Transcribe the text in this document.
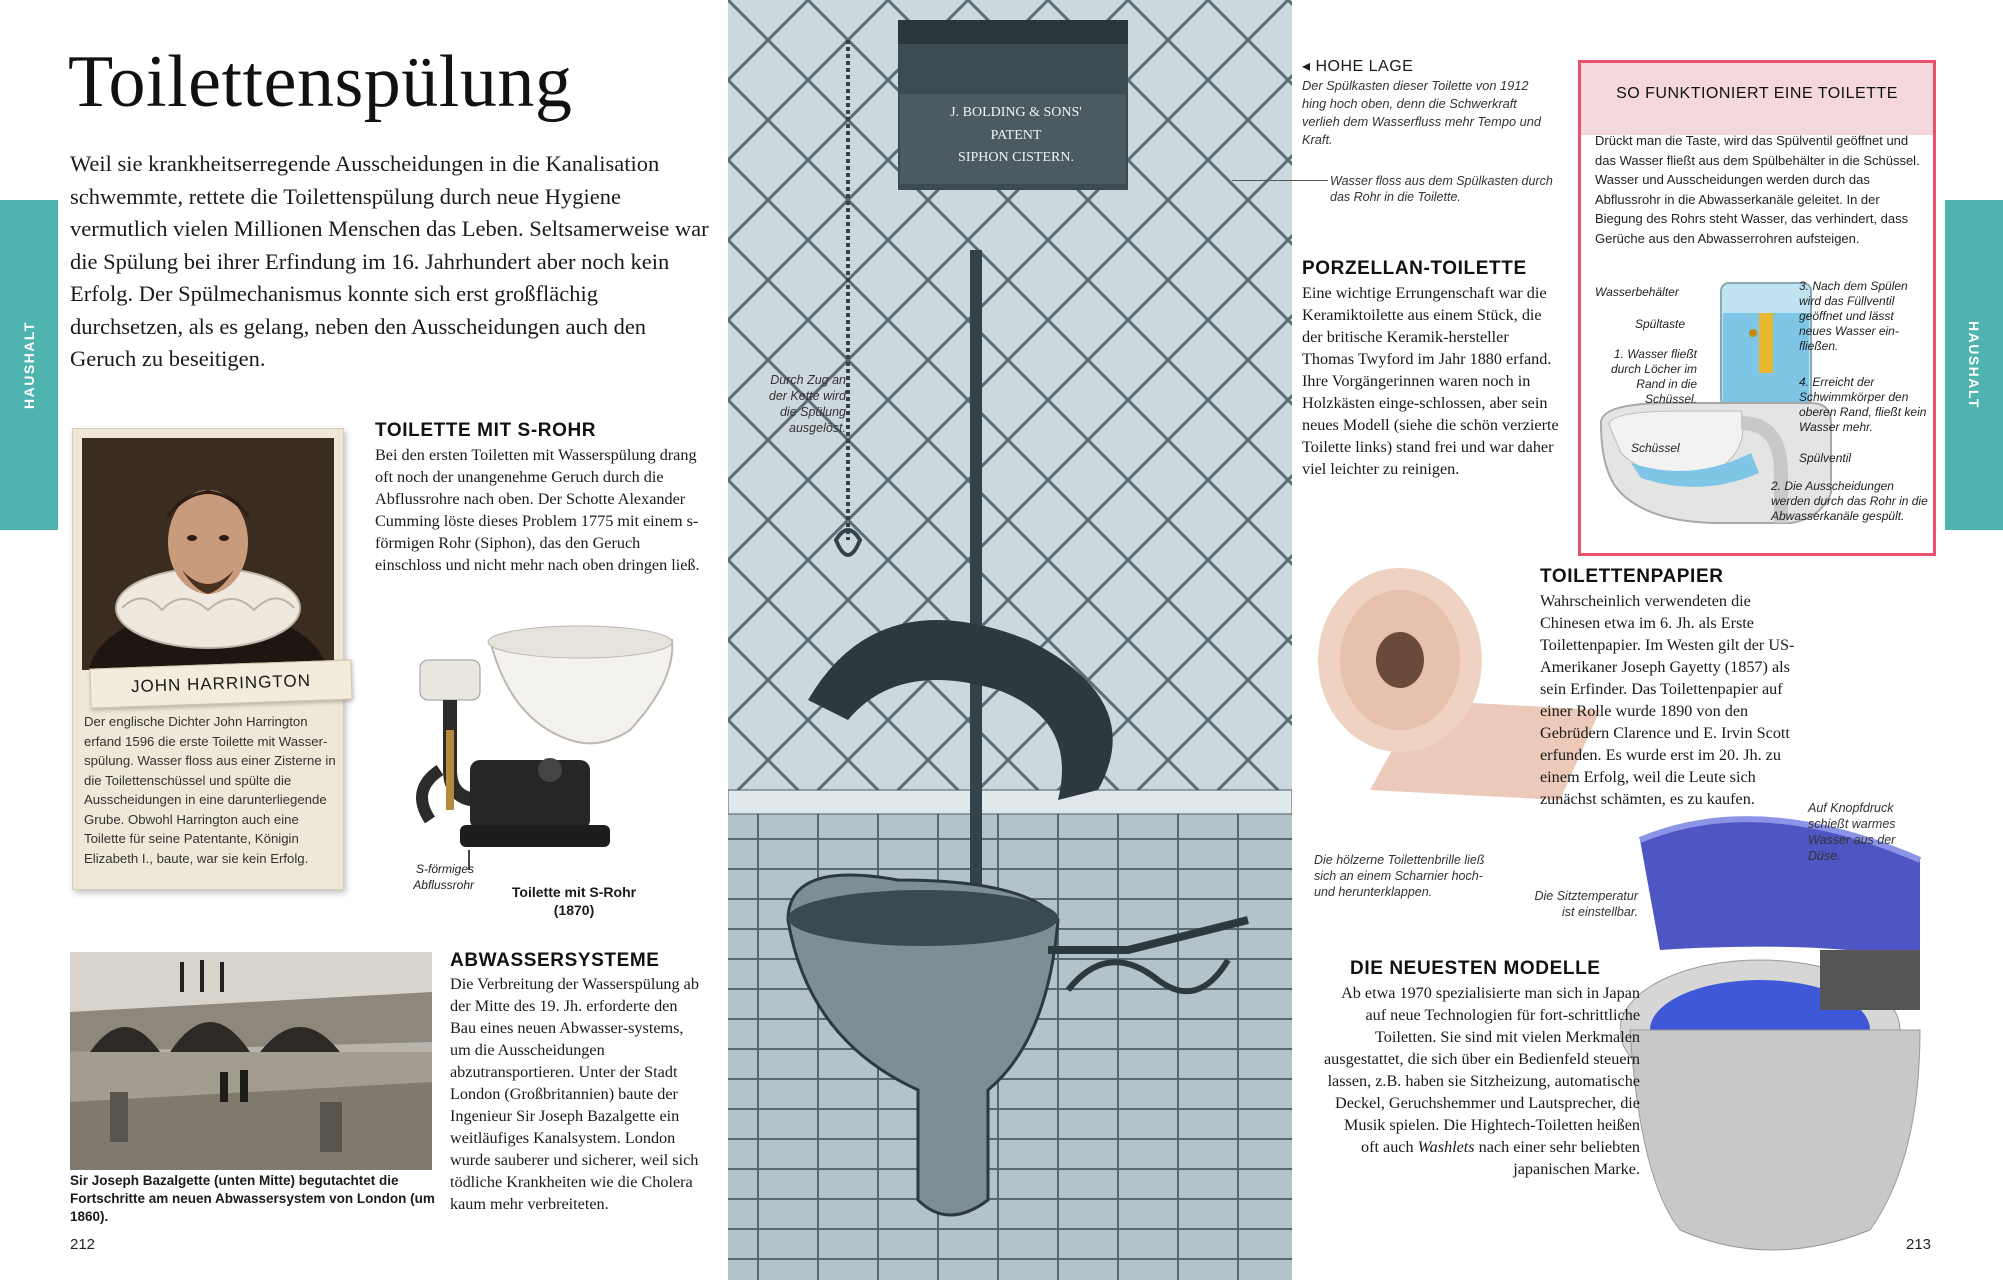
Toilettenspülung

Weil sie krankheitserregende Ausscheidungen in die Kanalisation schwemmte, rettete die Toilettenspülung durch neue Hygiene vermutlich vielen Millionen Menschen das Leben. Seltsamerweise war die Spülung bei ihrer Erfindung im 16. Jahrhundert aber noch kein Erfolg. Der Spülmechanismus konnte sich erst großflächig durchsetzen, als es gelang, neben den Ausscheidungen auch den Geruch zu beseitigen.

HAUSHALT	HAUSHALT
JOHN HARRINGTON

Der englische Dichter John Harrington erfand 1596 die erste Toilette mit Wasser-spülung. Wasser floss aus einer Zisterne in die Toilettenschüssel und spülte die Ausscheidungen in eine darunterliegende Grube. Obwohl Harrington auch eine Toilette für seine Patentante, Königin Elizabeth I., baute, war sie kein Erfolg.

TOILETTE MIT S-ROHR

Bei den ersten Toiletten mit Wasserspülung drang oft noch der unangenehme Geruch durch die Abflussrohre nach oben. Der Schotte Alexander Cumming löste dieses Problem 1775 mit einem s-förmigen Rohr (Siphon), das den Geruch einschloss und nicht mehr nach oben dringen ließ.

S-förmiges

Abflussrohr	Toilette mit S-Rohr

(1870)

Sir Joseph Bazalgette (unten Mitte) begutachtet die Fortschritte am neuen Abwassersystem von London (um 1860).

ABWASSERSYSTEME

Die Verbreitung der Wasserspülung ab der Mitte des 19. Jh. erforderte den Bau eines neuen Abwasser-systems, um die Ausscheidungen abzutransportieren. Unter der Stadt London (Großbritannien) baute der Ingenieur Sir Joseph Bazalgette ein weitläufiges Kanalsystem. London wurde sauberer und sicherer, weil sich tödliche Krankheiten wie die Cholera kaum mehr verbreiteten.

J. BOLDING & SONS'

PATENT

SIPHON CISTERN.

Durch Zug an der Kette wird die Spülung ausgelöst.

◂ HOHE LAGE

Der Spülkasten dieser Toilette von 1912 hing hoch oben, denn die Schwerkraft verlieh dem Wasserfluss mehr Tempo und Kraft.

Wasser floss aus dem Spülkasten durch das Rohr in die Toilette.

PORZELLAN-TOILETTE

Eine wichtige Errungenschaft war die Keramiktoilette aus einem Stück, die der britische Keramik-hersteller Thomas Twyford im Jahr 1880 erfand. Ihre Vorgängerinnen waren noch in Holzkästen einge-schlossen, aber sein neues Modell (siehe die schön verzierte Toilette links) stand frei und war daher viel leichter zu reinigen.

Die hölzerne Toilettenbrille ließ sich an einem Scharnier hoch- und herunterklappen.

SO FUNKTIONIERT EINE TOILETTE

Drückt man die Taste, wird das Spülventil geöffnet und das Wasser fließt aus dem Spülbehälter in die Schüssel. Wasser und Ausscheidungen werden durch das Abflussrohr in die Abwasserkanäle geleitet. In der Biegung des Rohrs steht Wasser, das verhindert, dass Gerüche aus den Abwasserrohren aufsteigen.

Wasserbehälter

Spültaste

1. Wasser fließt durch Löcher im Rand in die Schüssel.

Schüssel

3. Nach dem Spülen wird das Füllventil geöffnet und lässt neues Wasser ein-fließen.

4. Erreicht der Schwimmkörper den oberen Rand, fließt kein Wasser mehr.

Spülventil

2. Die Ausscheidungen werden durch das Rohr in die Abwasserkanäle gespült.

TOILETTENPAPIER

Wahrscheinlich verwendeten die Chinesen etwa im 6. Jh. als Erste Toilettenpapier. Im Westen gilt der US-Amerikaner Joseph Gayetty (1857) als sein Erfinder. Das Toilettenpapier auf einer Rolle wurde 1890 von den Gebrüdern Clarence und E. Irvin Scott erfunden. Es wurde erst im 20. Jh. zu einem Erfolg, weil die Leute sich zunächst schämten, es zu kaufen.	Auf Knopfdruck schießt warmes Wasser aus der Düse.

Die Sitztemperatur ist einstellbar.

DIE NEUESTEN MODELLE

Ab etwa 1970 spezialisierte man sich in Japan auf neue Technologien für fort-schrittliche Toiletten. Sie sind mit vielen Merkmalen ausgestattet, die sich über ein Bedienfeld steuern lassen, z.B. haben sie Sitzheizung, automatische Deckel, Geruchshemmer und Lautsprecher, die Musik spielen. Die Hightech-Toiletten heißen oft auch Washlets nach einer sehr beliebten japanischen Marke.

212	213
